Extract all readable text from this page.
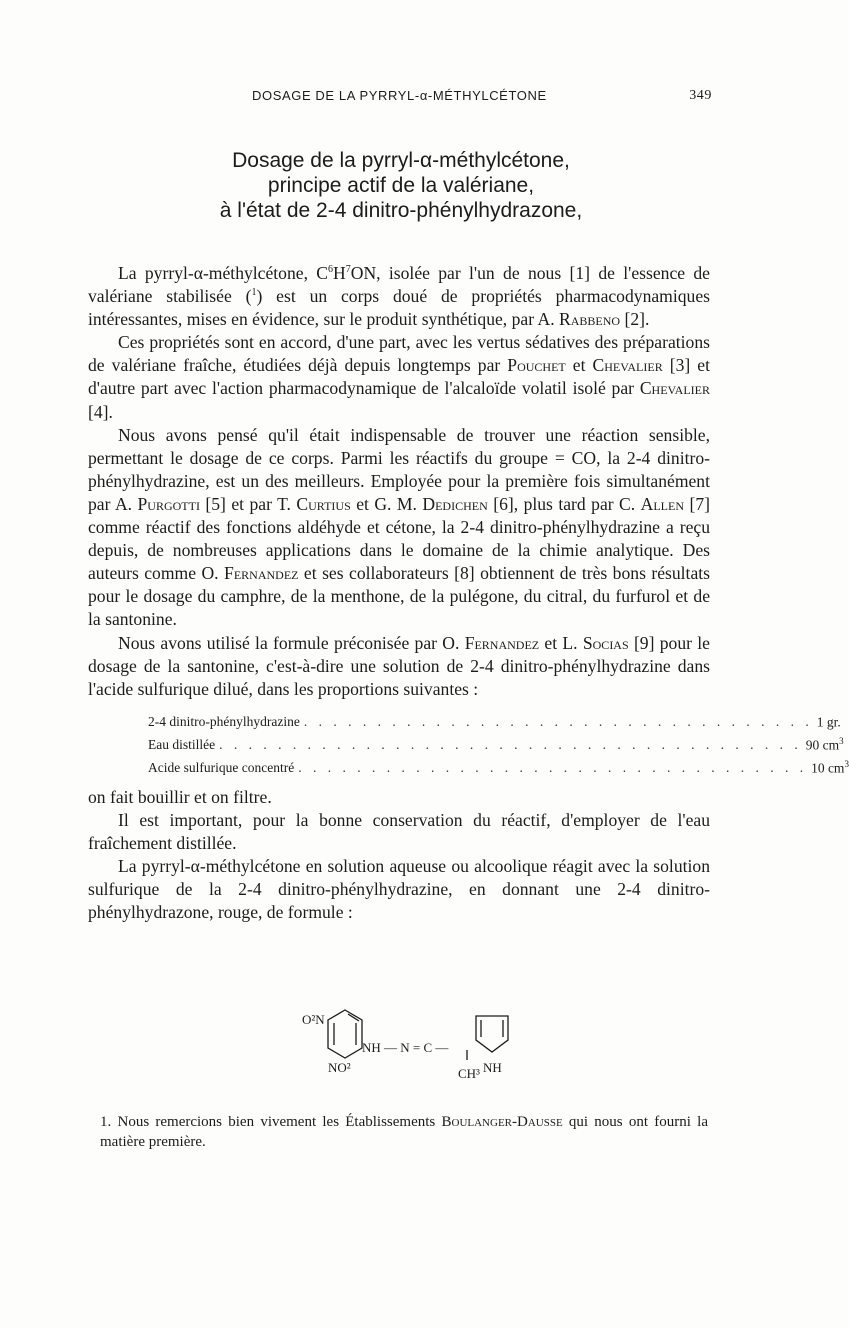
DOSAGE DE LA PYRRYL-α-MÉTHYLCÉTONE	349
Dosage de la pyrryl-α-méthylcétone,
principe actif de la valériane,
à l'état de 2-4 dinitro-phénylhydrazone,

La pyrryl-α-méthylcétone, $C^6H^7ON$, isolée par l'un de nous [1] de l'essence de valériane stabilisée ($^1$) est un corps doué de propriétés pharmacodynamiques intéressantes, mises en évidence, sur le produit synthétique, par A. Rabbeno [2].

Ces propriétés sont en accord, d'une part, avec les vertus sédatives des préparations de valériane fraîche, étudiées déjà depuis longtemps par Pouchet et Chevalier [3] et d'autre part avec l'action pharmacodynamique de l'alcaloïde volatil isolé par Chevalier [4].

Nous avons pensé qu'il était indispensable de trouver une réaction sensible, permettant le dosage de ce corps. Parmi les réactifs du groupe = CO, la 2-4 dinitro-phénylhydrazine, est un des meilleurs. Employée pour la première fois simultanément par A. Purgotti [5] et par T. Curtius et G. M. Dedichen [6], plus tard par C. Allen [7] comme réactif des fonctions aldéhyde et cétone, la 2-4 dinitro-phénylhydrazine a reçu depuis, de nombreuses applications dans le domaine de la chimie analytique. Des auteurs comme O. Fernandez et ses collaborateurs [8] obtiennent de très bons résultats pour le dosage du camphre, de la menthone, de la pulégone, du citral, du furfurol et de la santonine.

Nous avons utilisé la formule préconisée par O. Fernandez et L. Socias [9] pour le dosage de la santonine, c'est-à-dire une solution de 2-4 dinitro-phénylhydrazine dans l'acide sulfurique dilué, dans les proportions suivantes :

2-4 dinitro-phénylhydrazine . . . . . . . . . . . . . . . . . . . . . . . . . . . . . . . . . . . 1 gr.
Eau distillée . . . . . . . . . . . . . . . . . . . . . . . . . . . . . . . . . . . . . . . . 90 $cm^3$
Acide sulfurique concentré . . . . . . . . . . . . . . . . . . . . . . . . . . . . . . . . . . . 10 $cm^3$

on fait bouillir et on filtre.

Il est important, pour la bonne conservation du réactif, d'employer de l'eau fraîchement distillée.

La pyrryl-α-méthylcétone en solution aqueuse ou alcoolique réagit avec la solution sulfurique de la 2-4 dinitro-phénylhydrazine, en donnant une 2-4 dinitro-phénylhydrazone, rouge, de formule :

O²N
NO²
NH — N = C —
CH³ NH

1. Nous remercions bien vivement les Établissements Boulanger-Dausse qui nous ont fourni la matière première.
